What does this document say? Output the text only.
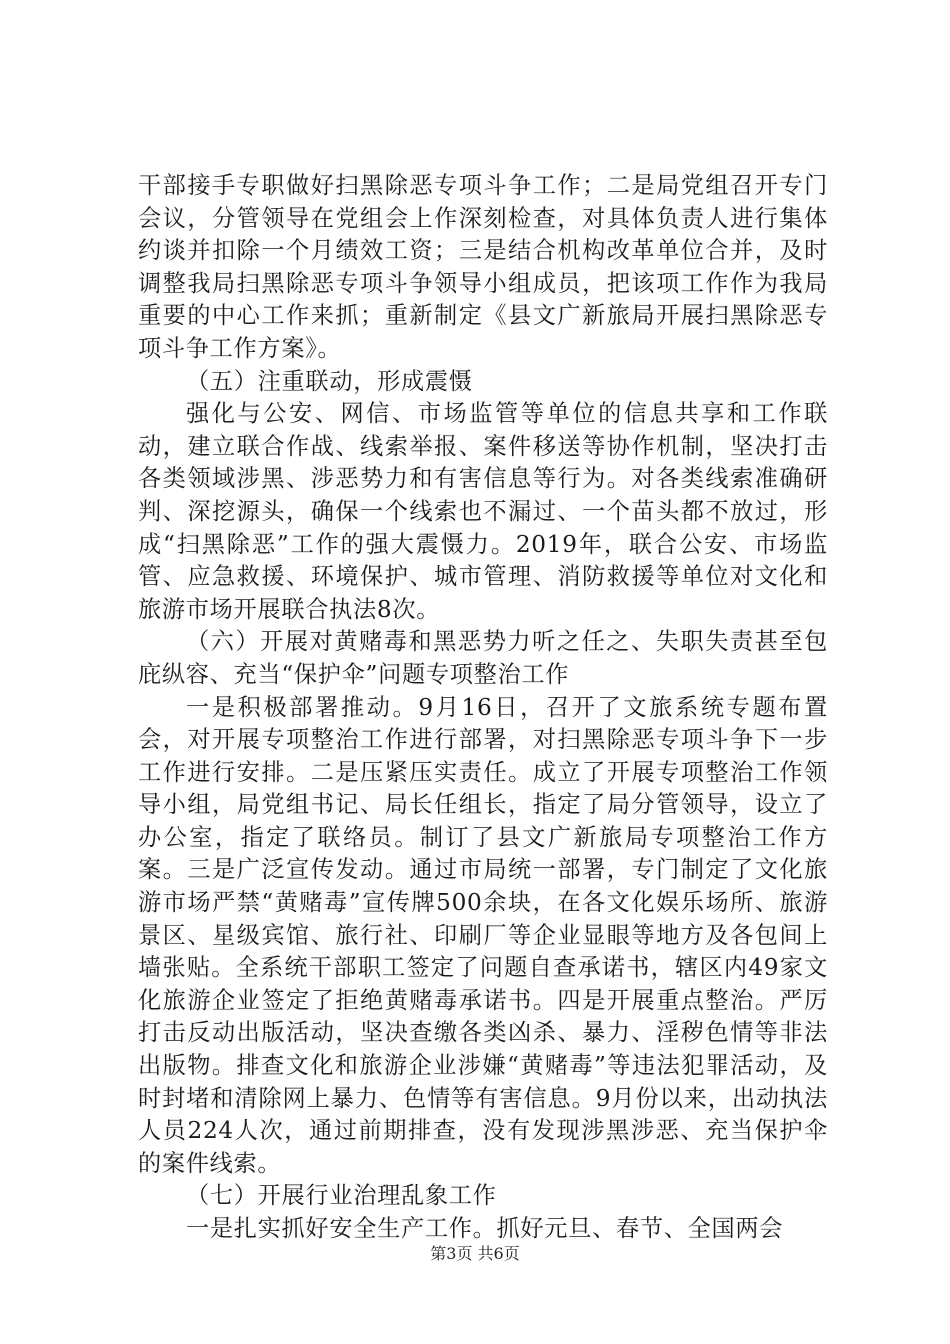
干部接手专职做好扫黑除恶专项斗争工作；二是局党组召开专门会议，分管领导在党组会上作深刻检查，对具体负责人进行集体约谈并扣除一个月绩效工资；三是结合机构改革单位合并，及时调整我局扫黑除恶专项斗争领导小组成员，把该项工作作为我局重要的中心工作来抓；重新制定《县文广新旅局开展扫黑除恶专项斗争工作方案》。

（五）注重联动，形成震慑

强化与公安、网信、市场监管等单位的信息共享和工作联动，建立联合作战、线索举报、案件移送等协作机制，坚决打击各类领域涉黑、涉恶势力和有害信息等行为。对各类线索准确研判、深挖源头，确保一个线索也不漏过、一个苗头都不放过，形成“扫黑除恶”工作的强大震慑力。2019年，联合公安、市场监管、应急救援、环境保护、城市管理、消防救援等单位对文化和旅游市场开展联合执法8次。

（六）开展对黄赌毒和黑恶势力听之任之、失职失责甚至包庇纵容、充当“保护伞”问题专项整治工作

一是积极部署推动。9月16日，召开了文旅系统专题布置会，对开展专项整治工作进行部署，对扫黑除恶专项斗争下一步工作进行安排。二是压紧压实责任。成立了开展专项整治工作领导小组，局党组书记、局长任组长，指定了局分管领导，设立了办公室，指定了联络员。制订了县文广新旅局专项整治工作方案。三是广泛宣传发动。通过市局统一部署，专门制定了文化旅游市场严禁“黄赌毒”宣传牌500余块，在各文化娱乐场所、旅游景区、星级宾馆、旅行社、印刷厂等企业显眼等地方及各包间上墙张贴。全系统干部职工签定了问题自查承诺书，辖区内49家文化旅游企业签定了拒绝黄赌毒承诺书。四是开展重点整治。严厉打击反动出版活动，坚决查缴各类凶杀、暴力、淫秽色情等非法出版物。排查文化和旅游企业涉嫌“黄赌毒”等违法犯罪活动，及时封堵和清除网上暴力、色情等有害信息。9月份以来，出动执法人员224人次，通过前期排查，没有发现涉黑涉恶、充当保护伞的案件线索。

（七）开展行业治理乱象工作

一是扎实抓好安全生产工作。抓好元旦、春节、全国两会

第3页 共6页
